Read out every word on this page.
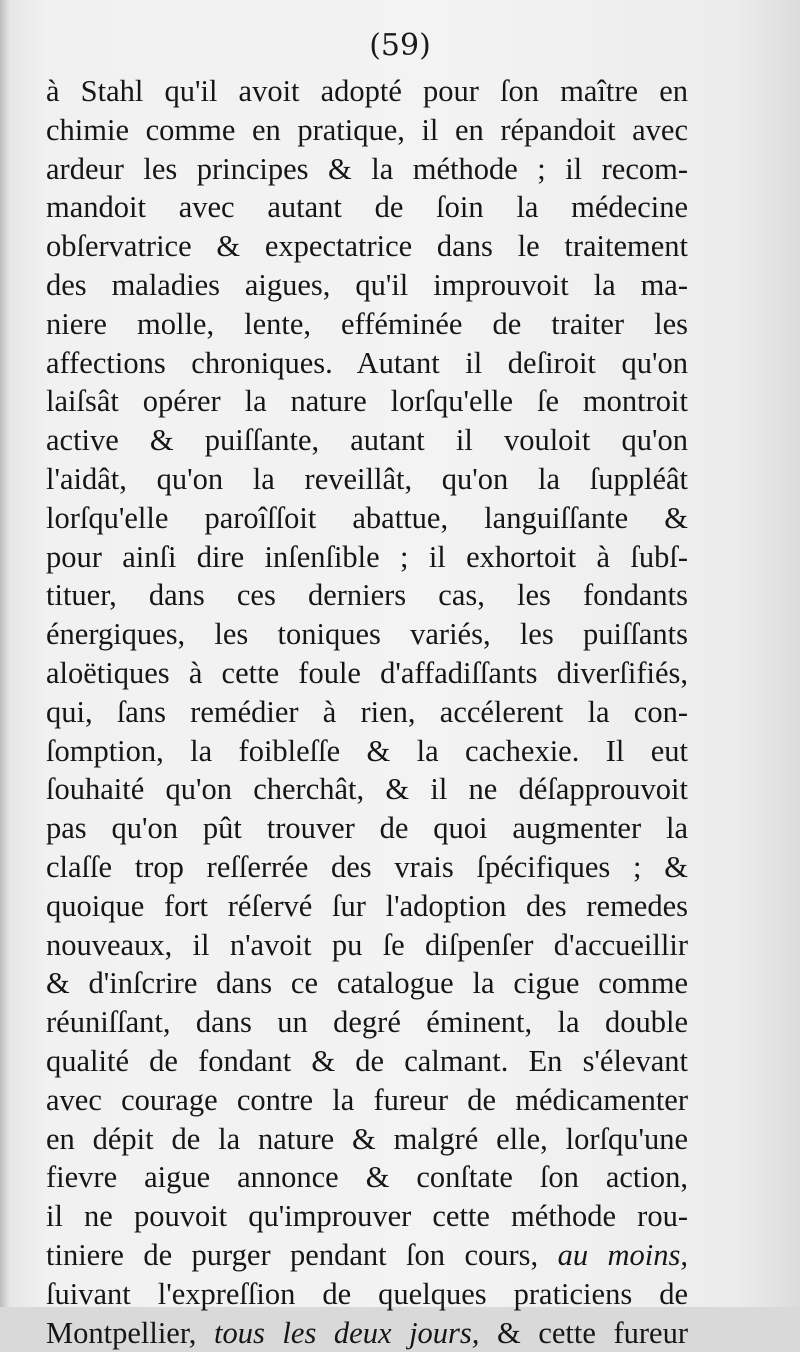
(59)
à Stahl qu'il avoit adopté pour ſon maître en
chimie comme en pratique, il en répandoit avec
ardeur les principes & la méthode ; il recom-
mandoit avec autant de ſoin la médecine
obſervatrice & expectatrice dans le traitement
des maladies aigues, qu'il improuvoit la ma-
niere molle, lente, efféminée de traiter les
affections chroniques. Autant il deſiroit qu'on
laiſsât opérer la nature lorſqu'elle ſe montroit
active & puiſſante, autant il vouloit qu'on
l'aidât, qu'on la reveillât, qu'on la ſuppléât
lorſqu'elle paroîſſoit abattue, languiſſante &
pour ainſi dire inſenſible ; il exhortoit à ſubſ-
tituer, dans ces derniers cas, les fondants
énergiques, les toniques variés, les puiſſants
aloëtiques à cette foule d'affadiſſants diverſifiés,
qui, ſans remédier à rien, accélerent la con-
ſomption, la foibleſſe & la cachexie. Il eut
ſouhaité qu'on cherchât, & il ne déſapprouvoit
pas qu'on pût trouver de quoi augmenter la
claſſe trop reſſerrée des vrais ſpécifiques ; &
quoique fort réſervé ſur l'adoption des remedes
nouveaux, il n'avoit pu ſe diſpenſer d'accueillir
& d'inſcrire dans ce catalogue la cigue comme
réuniſſant, dans un degré éminent, la double
qualité de fondant & de calmant. En s'élevant
avec courage contre la fureur de médicamenter
en dépit de la nature & malgré elle, lorſqu'une
fievre aigue annonce & conſtate ſon action,
il ne pouvoit qu'improuver cette méthode rou-
tiniere de purger pendant ſon cours, au moins,
ſuivant l'expreſſion de quelques praticiens de
Montpellier, tous les deux jours, & cette fureur
